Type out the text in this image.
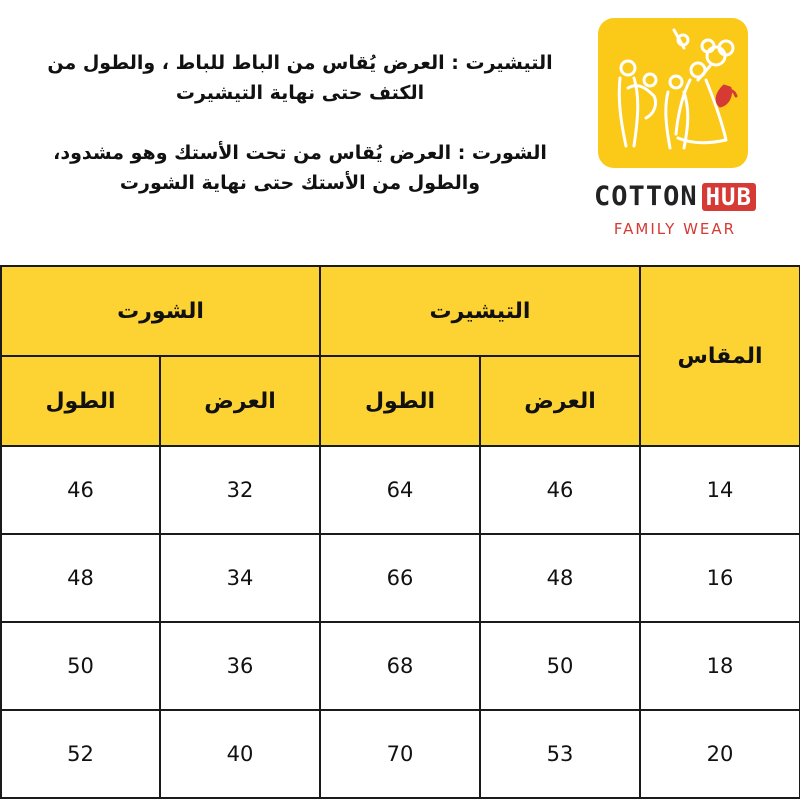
التيشيرت : العرض يُقاس من الباط للباط ، والطول من

الكتف حتى نهاية التيشيرت

الشورت : العرض يُقاس من تحت الأستك وهو مشدود،

والطول من الأستك حتى نهاية الشورت	COTTON HUB
FAMILY WEAR
المقاس	التيشيرت		الشورت	
	العرض	الطول	العرض	الطول
14	46	64	32	46
16	48	66	34	48
18	50	68	36	50
20	53	70	40	52
